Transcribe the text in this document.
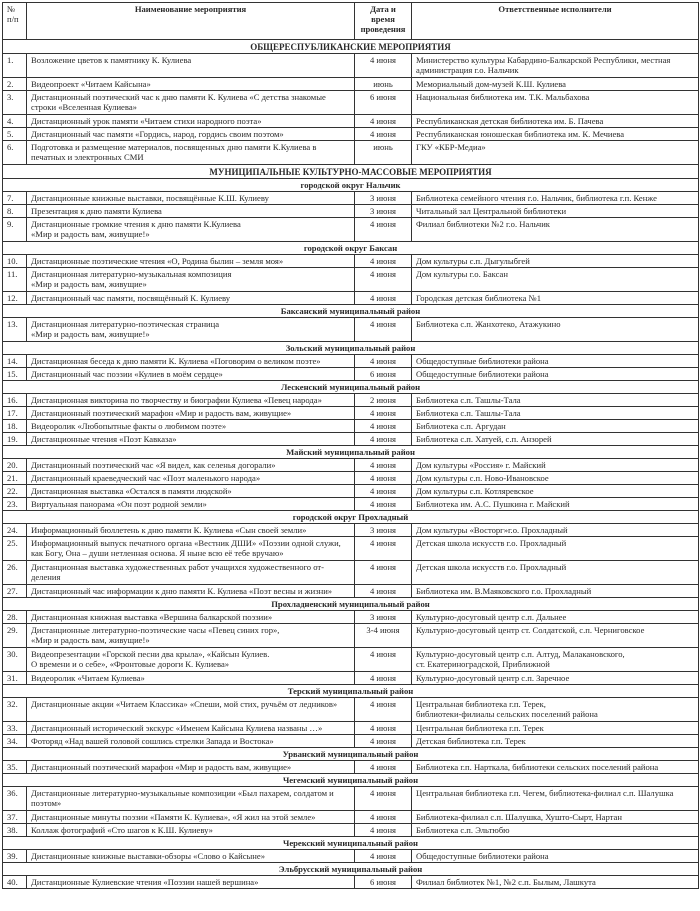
№ п/п	Наименование мероприятия	Дата и время проведения	Ответственные исполнители
ОБЩЕРЕСПУБЛИКАНСКИЕ МЕРОПРИЯТИЯ			
1.	Возложение цветов к памятнику К. Кулиева	4 июня	Министерство культуры Кабардино-Балкарской Республики, местная администрация г.о. Нальчик
2.	Видеопроект «Читаем Кайсына»	июнь	Мемориальный дом-музей К.Ш. Кулиева
3.	Дистанционный поэтический час к дню памяти К. Кулиева «С детства знакомые строки «Вселенная Кулиева»	6 июня	Национальная библиотека им. Т.К. Мальбахова
4.	Дистанционный урок памяти «Читаем стихи народного поэта»	4 июня	Республиканская детская библиотека им. Б. Пачева
5.	Дистанционный час памяти «Гордись, народ, гордись своим поэтом»	4 июня	Республиканская юношеская библиотека им. К. Мечиева
6.	Подготовка и размещение материалов, посвященных дню памяти К.Кулиева в печатных и электронных СМИ	июнь	ГКУ «КБР-Медиа»
МУНИЦИПАЛЬНЫЕ КУЛЬТУРНО-МАССОВЫЕ МЕРОПРИЯТИЯ			
городской округ Нальчик			
7.	Дистанционные книжные выставки, посвящённые К.Ш. Кулиеву	3 июня	Библиотека семейного чтения г.о. Нальчик, библиотека г.п. Кенже
8.	Презентация к дню памяти Кулиева	3 июня	Читальный зал Центральной библиотеки
9.	Дистанционные громкие чтения к дню памяти К.Кулиева
«Мир и радость вам, живущие!»	4 июня	Филиал библиотеки №2 г.о. Нальчик
городской округ Баксан			
10.	Дистанционные поэтические чтения «О, Родина былин – земля моя»	4 июня	Дом культуры с.п. Дыгулыбгей
11.	Дистанционная литературно-музыкальная композиция
«Мир и радость вам, живущие»	4 июня	Дом культуры г.о. Баксан
12.	Дистанционный час памяти, посвящённый К. Кулиеву	4 июня	Городская детская библиотека №1
Баксанский муниципальный район			
13.	Дистанционная литературно-поэтическая страница
«Мир и радость вам, живущие!»	4 июня	Библиотека с.п. Жанхотеко, Атажукино
Зольский муниципальный район			
14.	Дистанционная беседа к дню памяти К. Кулиева «Поговорим о великом поэте»	4 июня	Общедоступные библиотеки района
15.	Дистанционный час поэзии «Кулиев в моём сердце»	6 июня	Общедоступные библиотеки района
Лескенский муниципальный район			
16.	Дистанционная викторина по творчеству и биографии Кулиева «Певец народа»	2 июня	Библиотека с.п. Ташлы-Тала
17.	Дистанционный поэтический марафон «Мир и радость вам, живущие»	4 июня	Библиотека с.п. Ташлы-Тала
18.	Видеоролик «Любопытные факты о любимом поэте»	4 июня	Библиотека с.п. Аргудан
19.	Дистанционные чтения «Поэт Кавказа»	4 июня	Библиотека с.п. Хатуей, с.п. Анзорей
Майский муниципальный район			
20.	Дистанционный поэтический час «Я видел, как селенья догорали»	4 июня	Дом культуры «Россия» г. Майский
21.	Дистанционный краеведческий час «Поэт маленького народа»	4 июня	Дом культуры с.п. Ново-Ивановское
22.	Дистанционная выставка «Остался в памяти людской»	4 июня	Дом культуры с.п. Котляревское
23.	Виртуальная панорама «Он поэт родной земли»	4 июня	Библиотека им. А.С. Пушкина г. Майский
городской округ Прохладный			
24.	Информационный бюллетень к дню памяти К. Кулиева «Сын своей земли»	3 июня	Дом культуры «Восторг»г.о. Прохладный
25.	Информационный выпуск печатного органа «Вестник ДШИ» «Поэзии одной служи, как Богу, Она – души нетленная основа. Я ныне всю её тебе вручаю»	4 июня	Детская школа искусств г.о. Прохладный
26.	Дистанционная выставка художественных работ учащихся художественного от-деления	4 июня	Детская школа искусств г.о. Прохладный
27.	Дистанционный час информации к дню памяти К. Кулиева «Поэт весны и жизни»	4 июня	Библиотека им. В.Маяковского г.о. Прохладный
Прохладненский муниципальный район			
28.	Дистанционная книжная выставка «Вершина балкарской поэзии»	3 июня	Культурно-досуговый центр с.п. Дальнее
29.	Дистанционные литературно-поэтические часы «Певец синих гор»,
«Мир и радость вам, живущие!»	3-4 июня	Культурно-досуговый центр ст. Солдатской, с.п. Черниговское
30.	Видеопрезентации «Горской песни два крыла», «Кайсын Кулиев.
О времени и о себе», «Фронтовые дороги К. Кулиева»	4 июня	Культурно-досуговый центр с.п. Алтуд, Малакановского,
ст. Екатериноградской, Приближной
31.	Видеоролик «Читаем Кулиева»	4 июня	Культурно-досуговый центр с.п. Заречное
Терский муниципальный район			
32.	Дистанционные акции «Читаем Классика» «Спеши, мой стих, ручьём от ледников»	4 июня	Центральная библиотека г.п. Терек,
библиотеки-филиалы сельских поселений района
33.	Дистанционный исторический экскурс «Именем Кайсына Кулиева названы …»	4 июня	Центральная библиотека г.п. Терек
34.	Фоторяд «Над вашей головой сошлись стрелки Запада и Востока»	4 июня	Детская библиотека г.п. Терек
Урванский муниципальный район			
35.	Дистанционный поэтический марафон «Мир и радость вам, живущие»	4 июня	Библиотека г.п. Нарткала, библиотеки сельских поселений района
Чегемский муниципальный район			
36.	Дистанционные литературно-музыкальные композиции «Был пахарем, солдатом и поэтом»	4 июня	Центральная библиотека г.п. Чегем, библиотека-филиал с.п. Шалушка
37.	Дистанционные минуты поэзии «Памяти К. Кулиева», «Я жил на этой земле»	4 июня	Библиотека-филиал с.п. Шалушка, Хушто-Сырт, Нартан
38.	Коллаж фотографий «Сто шагов к К.Ш. Кулиеву»	4 июня	Библиотека с.п. Эльтюбю
Черекский муниципальный район			
39.	Дистанционные книжные выставки-обзоры «Слово о Кайсыне»	4 июня	Общедоступные библиотеки района
Эльбрусский муниципальный район			
40.	Дистанционные Кулиевские чтения «Поэзии нашей вершина»	6 июня	Филиал библиотек №1, №2 с.п. Былым, Лашкута
